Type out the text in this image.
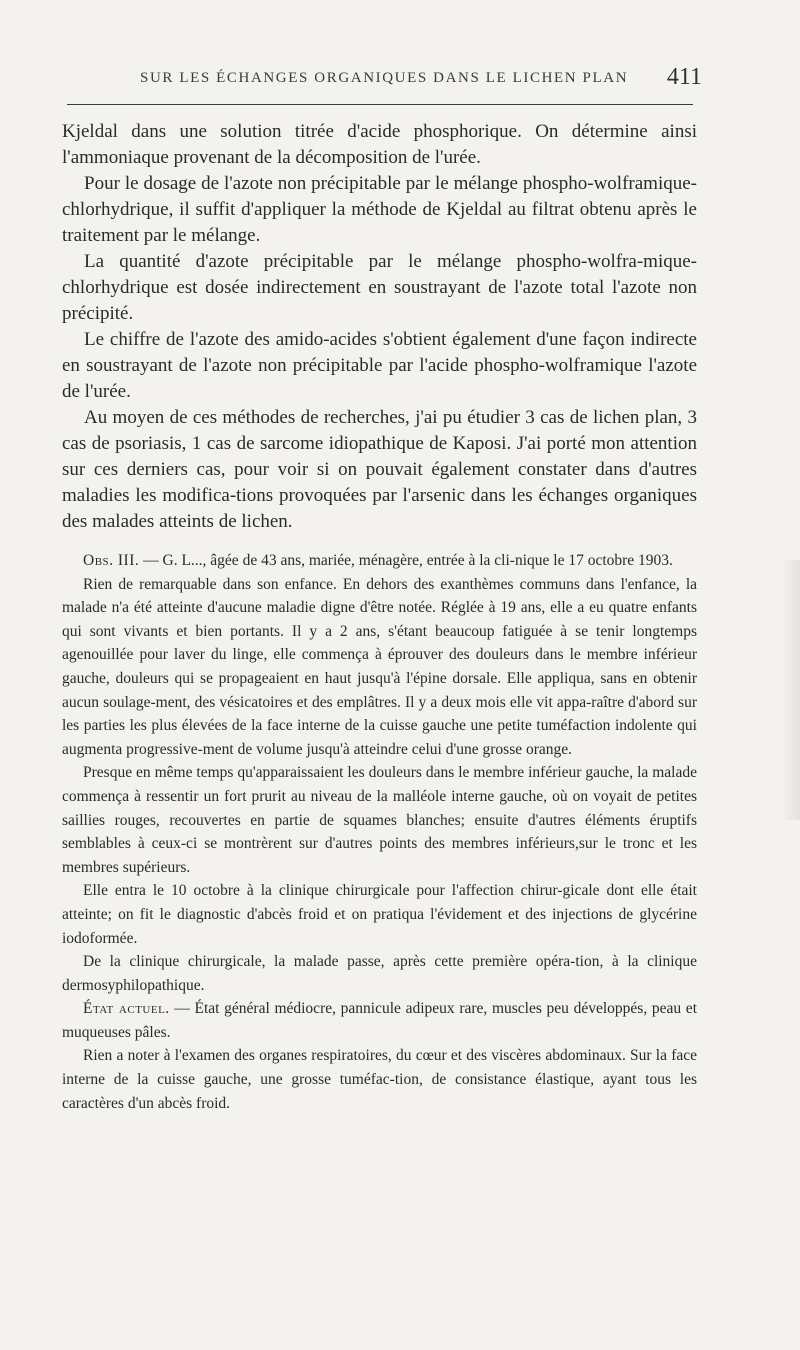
SUR LES ÉCHANGES ORGANIQUES DANS LE LICHEN PLAN 411

Kjeldal dans une solution titrée d'acide phosphorique. On détermine ainsi l'ammoniaque provenant de la décomposition de l'urée.

Pour le dosage de l'azote non précipitable par le mélange phospho-wolframique-chlorhydrique, il suffit d'appliquer la méthode de Kjeldal au filtrat obtenu après le traitement par le mélange.

La quantité d'azote précipitable par le mélange phospho-wolfra-mique-chlorhydrique est dosée indirectement en soustrayant de l'azote total l'azote non précipité.

Le chiffre de l'azote des amido-acides s'obtient également d'une façon indirecte en soustrayant de l'azote non précipitable par l'acide phospho-wolframique l'azote de l'urée.

Au moyen de ces méthodes de recherches, j'ai pu étudier 3 cas de lichen plan, 3 cas de psoriasis, 1 cas de sarcome idiopathique de Kaposi. J'ai porté mon attention sur ces derniers cas, pour voir si on pouvait également constater dans d'autres maladies les modifica-tions provoquées par l'arsenic dans les échanges organiques des malades atteints de lichen.

Obs. III. — G. L..., âgée de 43 ans, mariée, ménagère, entrée à la cli-nique le 17 octobre 1903.

Rien de remarquable dans son enfance. En dehors des exanthèmes communs dans l'enfance, la malade n'a été atteinte d'aucune maladie digne d'être notée. Réglée à 19 ans, elle a eu quatre enfants qui sont vivants et bien portants. Il y a 2 ans, s'étant beaucoup fatiguée à se tenir longtemps agenouillée pour laver du linge, elle commença à éprouver des douleurs dans le membre inférieur gauche, douleurs qui se propageaient en haut jusqu'à l'épine dorsale. Elle appliqua, sans en obtenir aucun soulage-ment, des vésicatoires et des emplâtres. Il y a deux mois elle vit appa-raître d'abord sur les parties les plus élevées de la face interne de la cuisse gauche une petite tuméfaction indolente qui augmenta progressive-ment de volume jusqu'à atteindre celui d'une grosse orange.

Presque en même temps qu'apparaissaient les douleurs dans le membre inférieur gauche, la malade commença à ressentir un fort prurit au niveau de la malléole interne gauche, où on voyait de petites saillies rouges, recouvertes en partie de squames blanches; ensuite d'autres éléments éruptifs semblables à ceux-ci se montrèrent sur d'autres points des membres inférieurs,sur le tronc et les membres supérieurs.

Elle entra le 10 octobre à la clinique chirurgicale pour l'affection chirur-gicale dont elle était atteinte; on fit le diagnostic d'abcès froid et on pratiqua l'évidement et des injections de glycérine iodoformée.

De la clinique chirurgicale, la malade passe, après cette première opéra-tion, à la clinique dermosyphilopathique.

État actuel. — État général médiocre, pannicule adipeux rare, muscles peu développés, peau et muqueuses pâles.

Rien a noter à l'examen des organes respiratoires, du cœur et des viscères abdominaux. Sur la face interne de la cuisse gauche, une grosse tuméfac-tion, de consistance élastique, ayant tous les caractères d'un abcès froid.
